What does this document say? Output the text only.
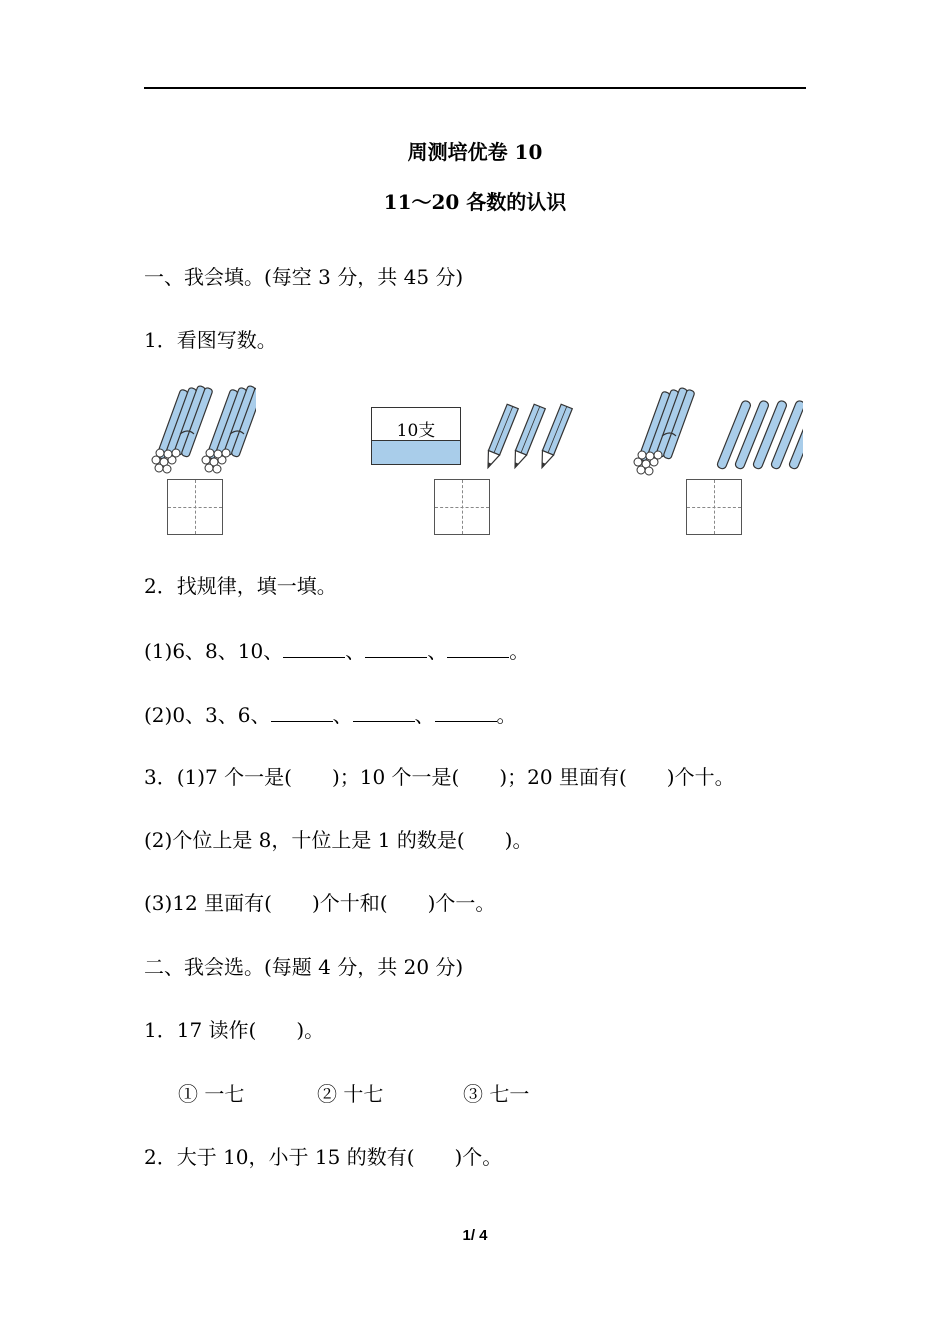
周测培优卷 10
11～20 各数的认识
一、我会填。(每空 3 分，共 45 分)
1．看图写数。
10支
2．找规律，填一填。
(1)6、8、10、	、	、	。
(2)0、3、6、	、	、	。
3．(1)7 个一是( )；10 个一是( )；20 里面有( )个十。
(2)个位上是 8，十位上是 1 的数是( )。
(3)12 里面有( )个十和( )个一。
二、我会选。(每题 4 分，共 20 分)
1．17 读作( )。
① 一七	② 十七	③ 七一
2．大于 10，小于 15 的数有( )个。
1/ 4
